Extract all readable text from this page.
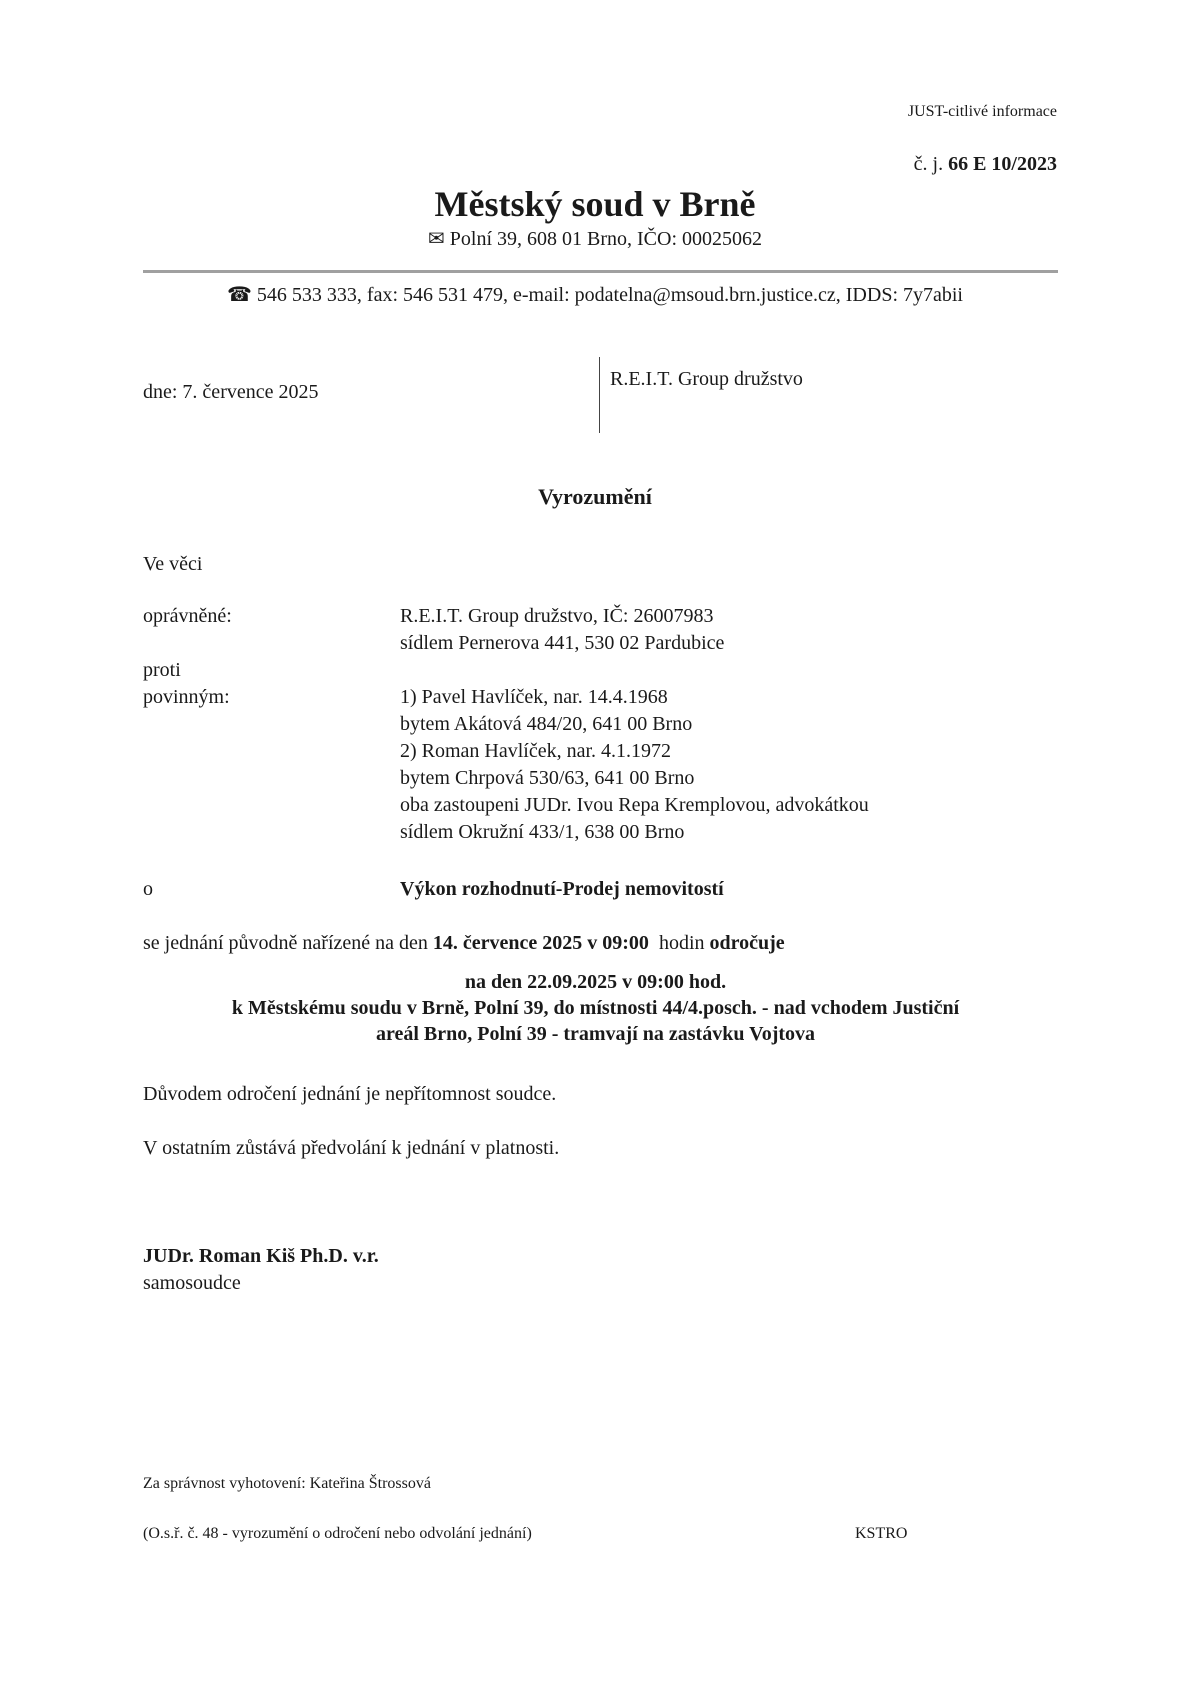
JUST-citlivé informace
č. j. 66 E 10/2023
Městský soud v Brně
✉ Polní 39, 608 01 Brno, IČO: 00025062
☎ 546 533 333, fax: 546 531 479, e-mail: podatelna@msoud.brn.justice.cz, IDDS: 7y7abii
dne: 7. července 2025
R.E.I.T. Group družstvo
Vyrozumění
Ve věci
oprávněné:	R.E.I.T. Group družstvo, IČ: 26007983
sídlem Pernerova 441, 530 02 Pardubice
proti
povinným:	1) Pavel Havlíček, nar. 14.4.1968
bytem Akátová 484/20, 641 00 Brno
2) Roman Havlíček, nar. 4.1.1972
bytem Chrpová 530/63, 641 00 Brno
oba zastoupeni JUDr. Ivou Repa Kremplovou, advokátkou
sídlem Okružní 433/1, 638 00 Brno
o	Výkon rozhodnutí-Prodej nemovitostí
se jednání původně nařízené na den 14. července 2025 v 09:00  hodin odročuje
na den 22.09.2025 v 09:00 hod.
k Městskému soudu v Brně, Polní 39, do místnosti 44/4.posch. - nad vchodem Justiční
areál Brno, Polní 39 - tramvají na zastávku Vojtova
Důvodem odročení jednání je nepřítomnost soudce.
V ostatním zůstává předvolání k jednání v platnosti.
JUDr. Roman Kiš Ph.D. v.r.
samosoudce
Za správnost vyhotovení: Kateřina Štrossová
(O.s.ř. č. 48 - vyrozumění o odročení nebo odvolání jednání)	KSTRO
